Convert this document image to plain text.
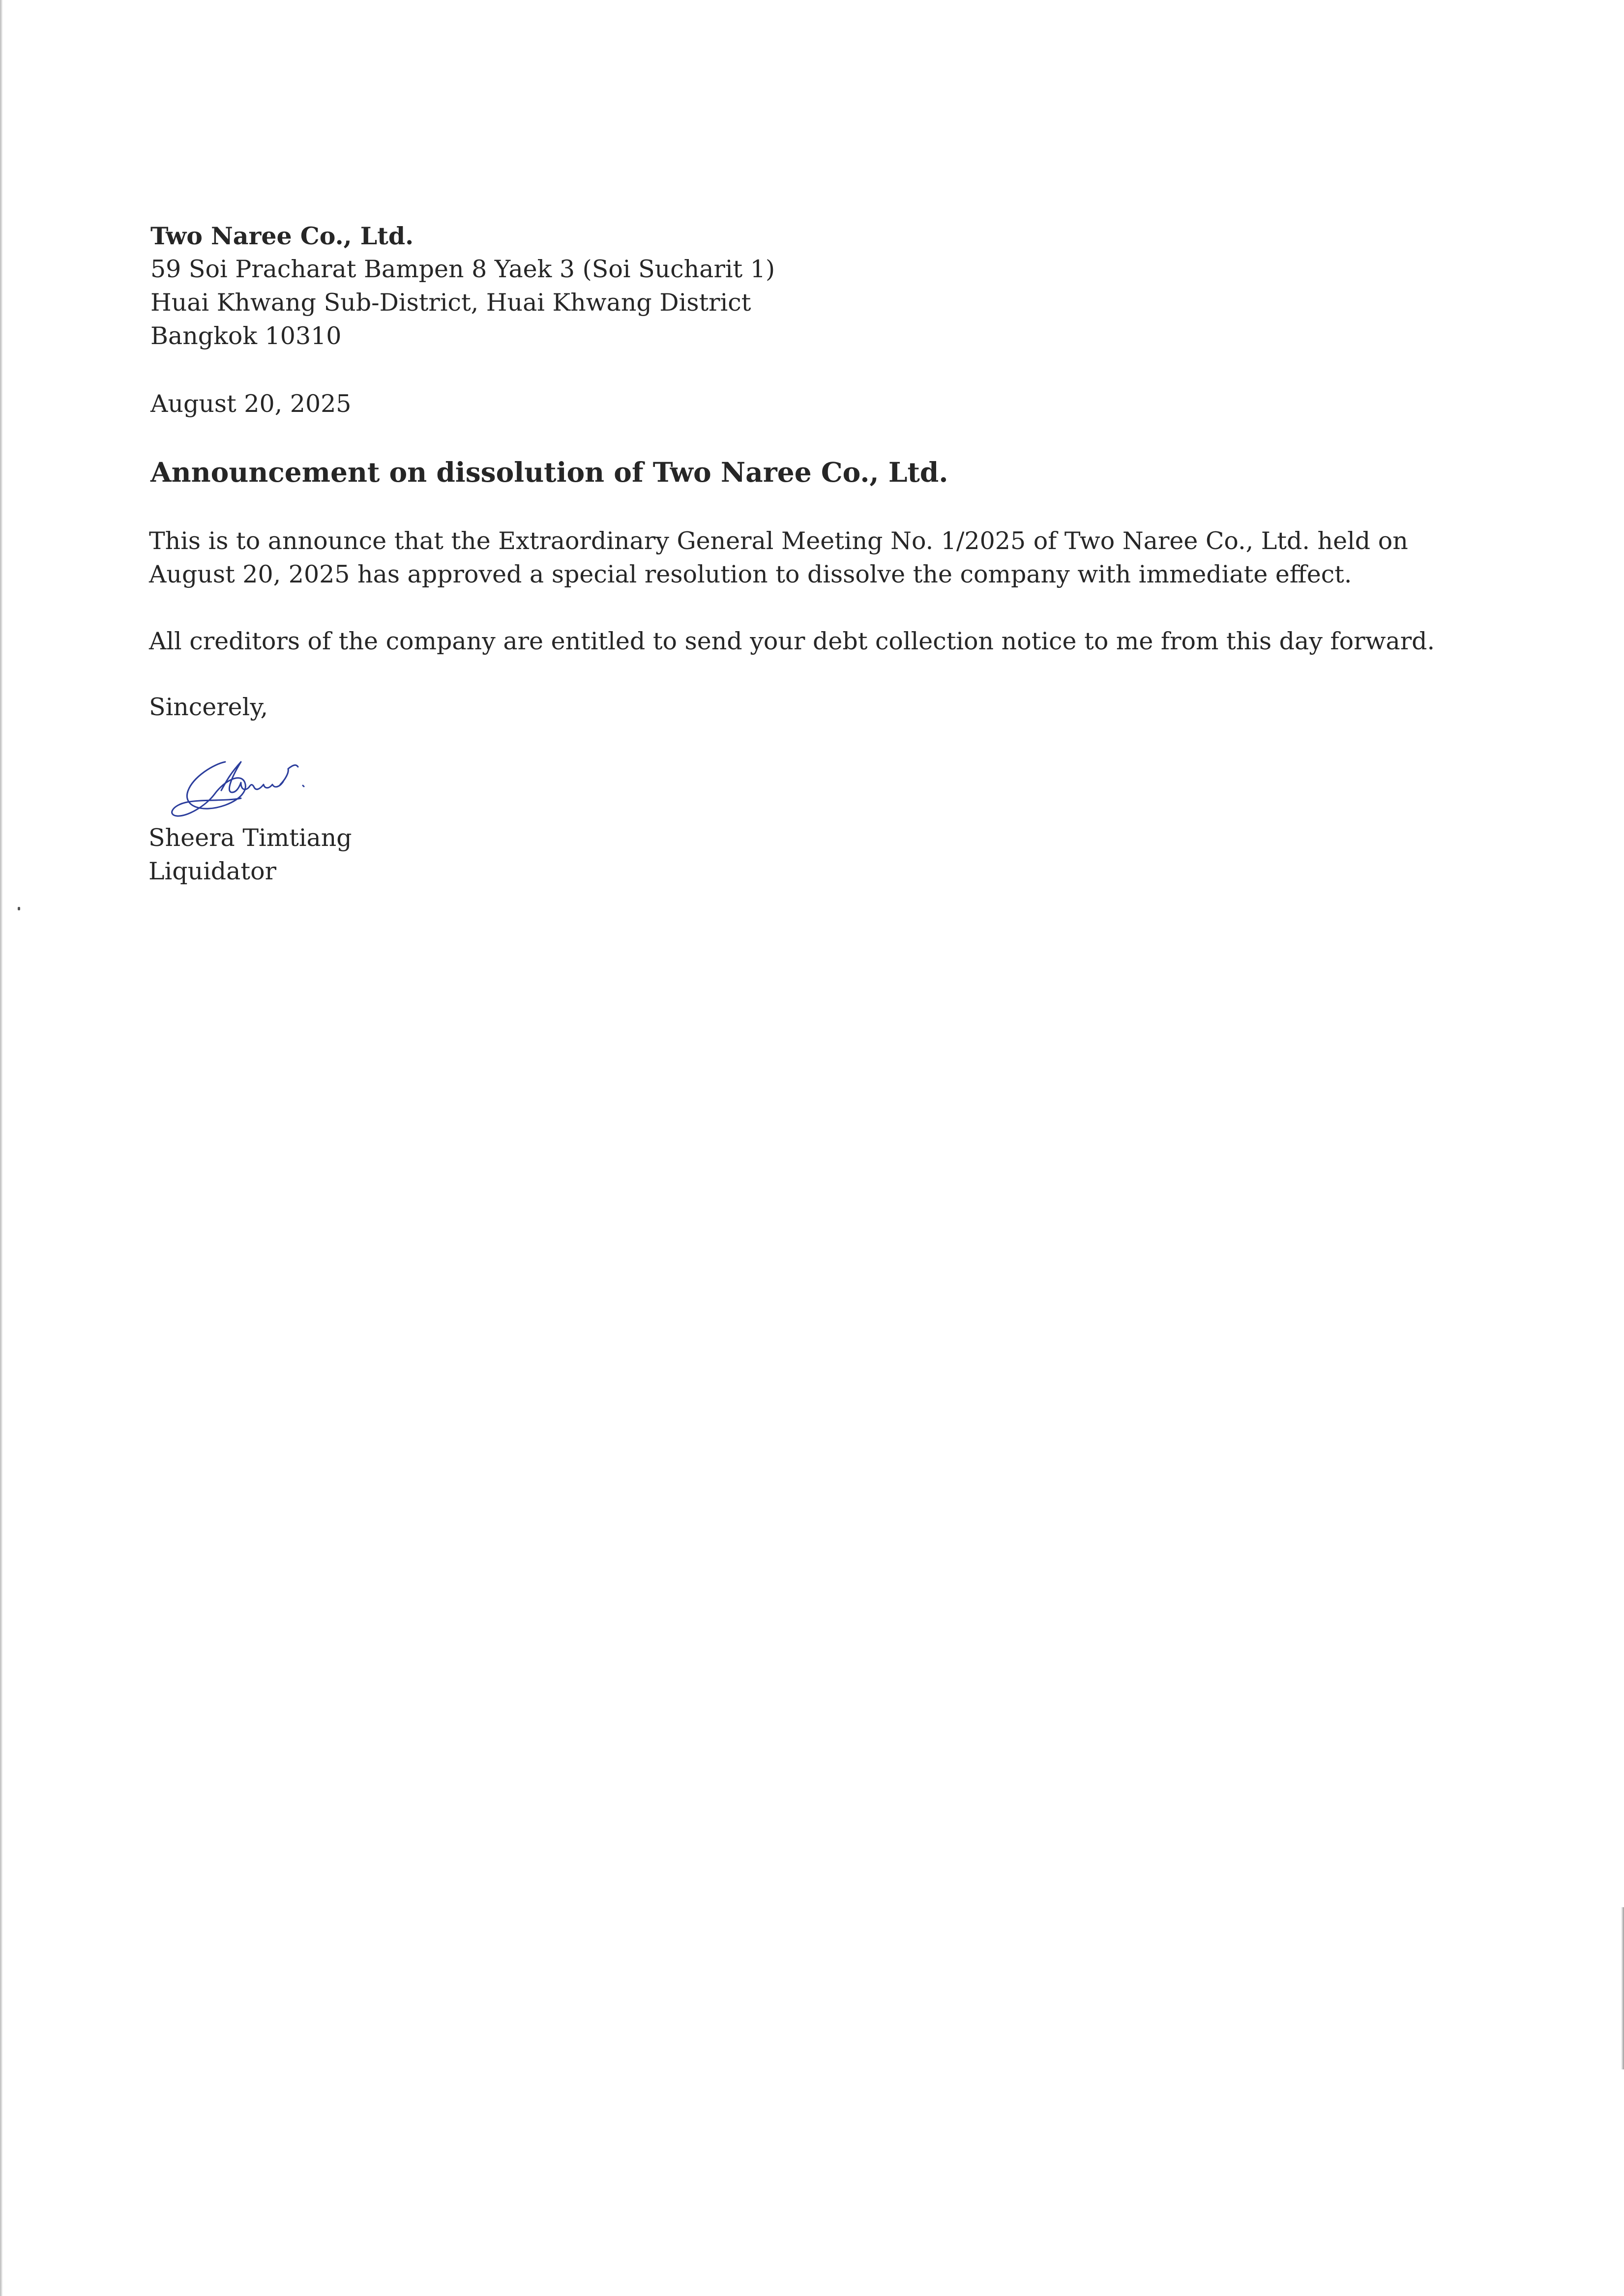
Two Naree Co., Ltd.
59 Soi Pracharat Bampen 8 Yaek 3 (Soi Sucharit 1)
Huai Khwang Sub-District, Huai Khwang District
Bangkok 10310

August 20, 2025

Announcement on dissolution of Two Naree Co., Ltd.
This is to announce that the Extraordinary General Meeting No. 1/2025 of Two Naree Co., Ltd. held on
August 20, 2025 has approved a special resolution to dissolve the company with immediate effect.

All creditors of the company are entitled to send your debt collection notice to me from this day forward.

Sincerely,

Sheera Timtiang
Liquidator
